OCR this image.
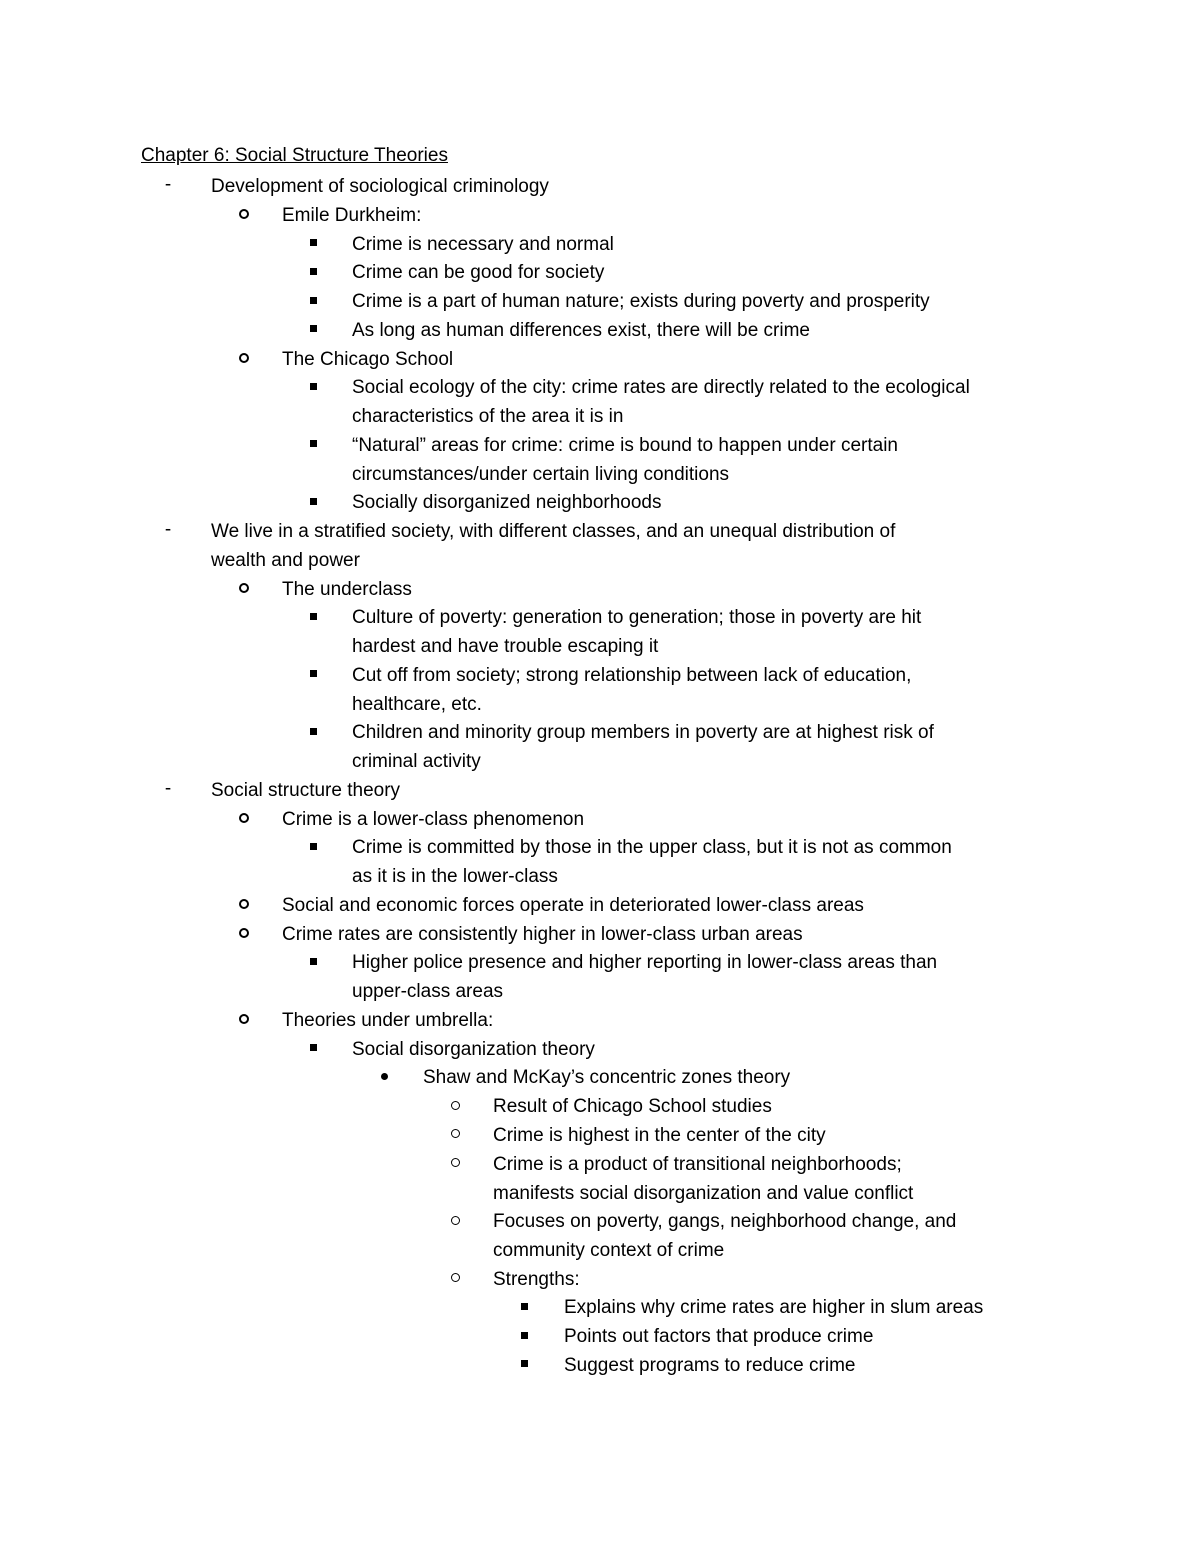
Chapter 6: Social Structure Theories
- Development of sociological criminology
Emile Durkheim:
Crime is necessary and normal
Crime can be good for society
Crime is a part of human nature; exists during poverty and prosperity
As long as human differences exist, there will be crime
The Chicago School
Social ecology of the city: crime rates are directly related to the ecological
characteristics of the area it is in
“Natural” areas for crime: crime is bound to happen under certain
circumstances/under certain living conditions
Socially disorganized neighborhoods
- We live in a stratified society, with different classes, and an unequal distribution of
wealth and power
The underclass
Culture of poverty: generation to generation; those in poverty are hit
hardest and have trouble escaping it
Cut off from society; strong relationship between lack of education,
healthcare, etc.
Children and minority group members in poverty are at highest risk of
criminal activity
- Social structure theory
Crime is a lower-class phenomenon
Crime is committed by those in the upper class, but it is not as common
as it is in the lower-class
Social and economic forces operate in deteriorated lower-class areas
Crime rates are consistently higher in lower-class urban areas
Higher police presence and higher reporting in lower-class areas than
upper-class areas
Theories under umbrella:
Social disorganization theory
Shaw and McKay’s concentric zones theory
Result of Chicago School studies
Crime is highest in the center of the city
Crime is a product of transitional neighborhoods;
manifests social disorganization and value conflict
Focuses on poverty, gangs, neighborhood change, and
community context of crime
Strengths:
Explains why crime rates are higher in slum areas
Points out factors that produce crime
Suggest programs to reduce crime
